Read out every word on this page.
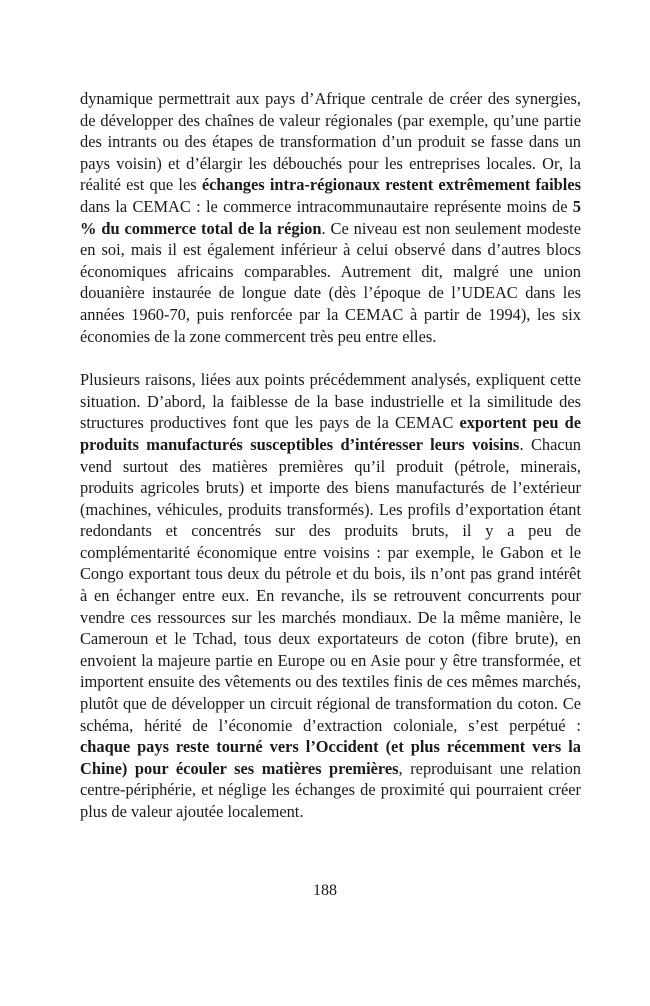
dynamique permettrait aux pays d’Afrique centrale de créer des synergies, de développer des chaînes de valeur régionales (par exemple, qu’une partie des intrants ou des étapes de transformation d’un produit se fasse dans un pays voisin) et d’élargir les débouchés pour les entreprises locales. Or, la réalité est que les échanges intra-régionaux restent extrêmement faibles dans la CEMAC : le commerce intracommunautaire représente moins de 5 % du commerce total de la région. Ce niveau est non seulement modeste en soi, mais il est également inférieur à celui observé dans d’autres blocs économiques africains comparables. Autrement dit, malgré une union douanière instaurée de longue date (dès l’époque de l’UDEAC dans les années 1960-70, puis renforcée par la CEMAC à partir de 1994), les six économies de la zone commercent très peu entre elles.

Plusieurs raisons, liées aux points précédemment analysés, expliquent cette situation. D’abord, la faiblesse de la base industrielle et la similitude des structures productives font que les pays de la CEMAC exportent peu de produits manufacturés susceptibles d’intéresser leurs voisins. Chacun vend surtout des matières premières qu’il produit (pétrole, minerais, produits agricoles bruts) et importe des biens manufacturés de l’extérieur (machines, véhicules, produits transformés). Les profils d’exportation étant redondants et concentrés sur des produits bruts, il y a peu de complémentarité économique entre voisins : par exemple, le Gabon et le Congo exportant tous deux du pétrole et du bois, ils n’ont pas grand intérêt à en échanger entre eux. En revanche, ils se retrouvent concurrents pour vendre ces ressources sur les marchés mondiaux. De la même manière, le Cameroun et le Tchad, tous deux exportateurs de coton (fibre brute), en envoient la majeure partie en Europe ou en Asie pour y être transformée, et importent ensuite des vêtements ou des textiles finis de ces mêmes marchés, plutôt que de développer un circuit régional de transformation du coton. Ce schéma, hérité de l’économie d’extraction coloniale, s’est perpétué : chaque pays reste tourné vers l’Occident (et plus récemment vers la Chine) pour écouler ses matières premières, reproduisant une relation centre-périphérie, et néglige les échanges de proximité qui pourraient créer plus de valeur ajoutée localement.

188
